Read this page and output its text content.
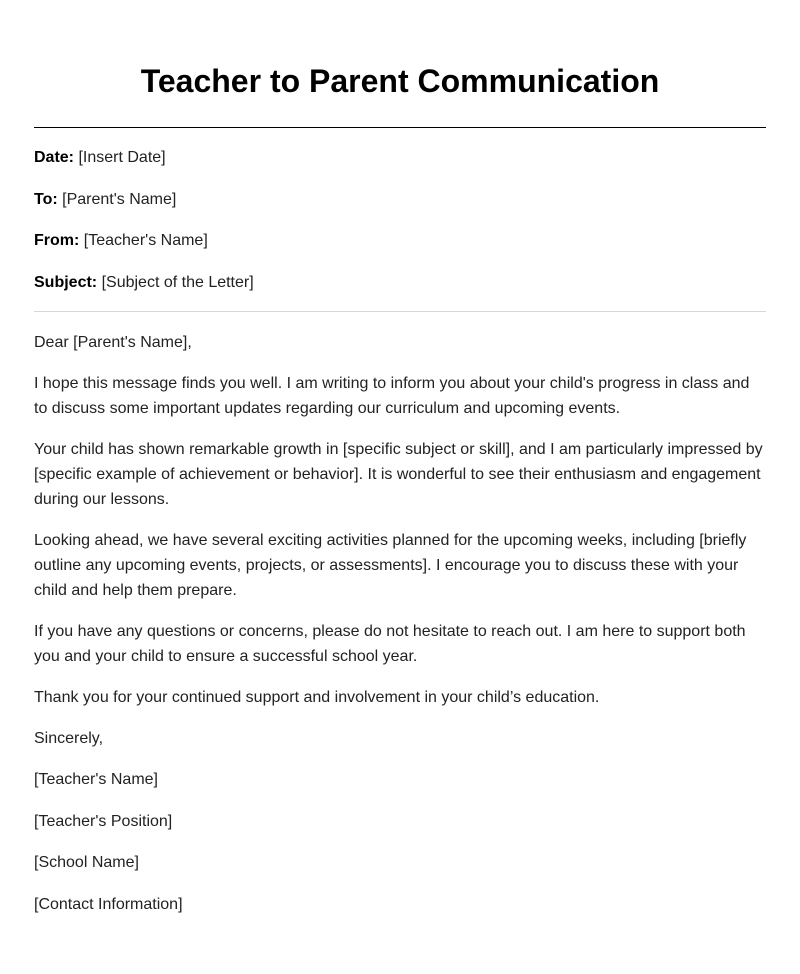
Teacher to Parent Communication
Date: [Insert Date]
To: [Parent's Name]
From: [Teacher's Name]
Subject: [Subject of the Letter]

Dear [Parent's Name],

I hope this message finds you well. I am writing to inform you about your child's progress in class and to discuss some important updates regarding our curriculum and upcoming events.

Your child has shown remarkable growth in [specific subject or skill], and I am particularly impressed by [specific example of achievement or behavior]. It is wonderful to see their enthusiasm and engagement during our lessons.

Looking ahead, we have several exciting activities planned for the upcoming weeks, including [briefly outline any upcoming events, projects, or assessments]. I encourage you to discuss these with your child and help them prepare.

If you have any questions or concerns, please do not hesitate to reach out. I am here to support both you and your child to ensure a successful school year.

Thank you for your continued support and involvement in your child’s education.

Sincerely,

[Teacher's Name]

[Teacher's Position]

[School Name]

[Contact Information]
